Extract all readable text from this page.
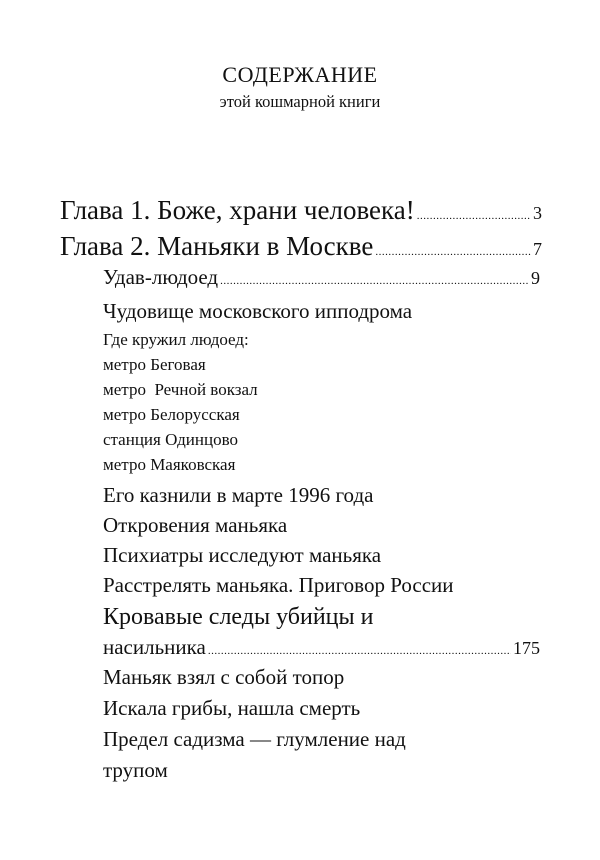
СОДЕРЖАНИЕ
этой кошмарной книги
Глава 1. Боже, храни человека! .....	3
Глава 2. Маньяки в Москве .....	7
Удав-людоед .....	9
Чудовище московского ипподрома
Где кружил людоед:
метро Беговая
метро  Речной вокзал
метро Белорусская
станция Одинцово
метро Маяковская
Его казнили в марте 1996 года
Откровения маньяка
Психиатры исследуют маньяка
Расстрелять маньяка. Приговор России
Кровавые следы убийцы и
насильника .....	175
Маньяк взял с собой топор
Искала грибы, нашла смерть
Предел садизма — глумление над
трупом
